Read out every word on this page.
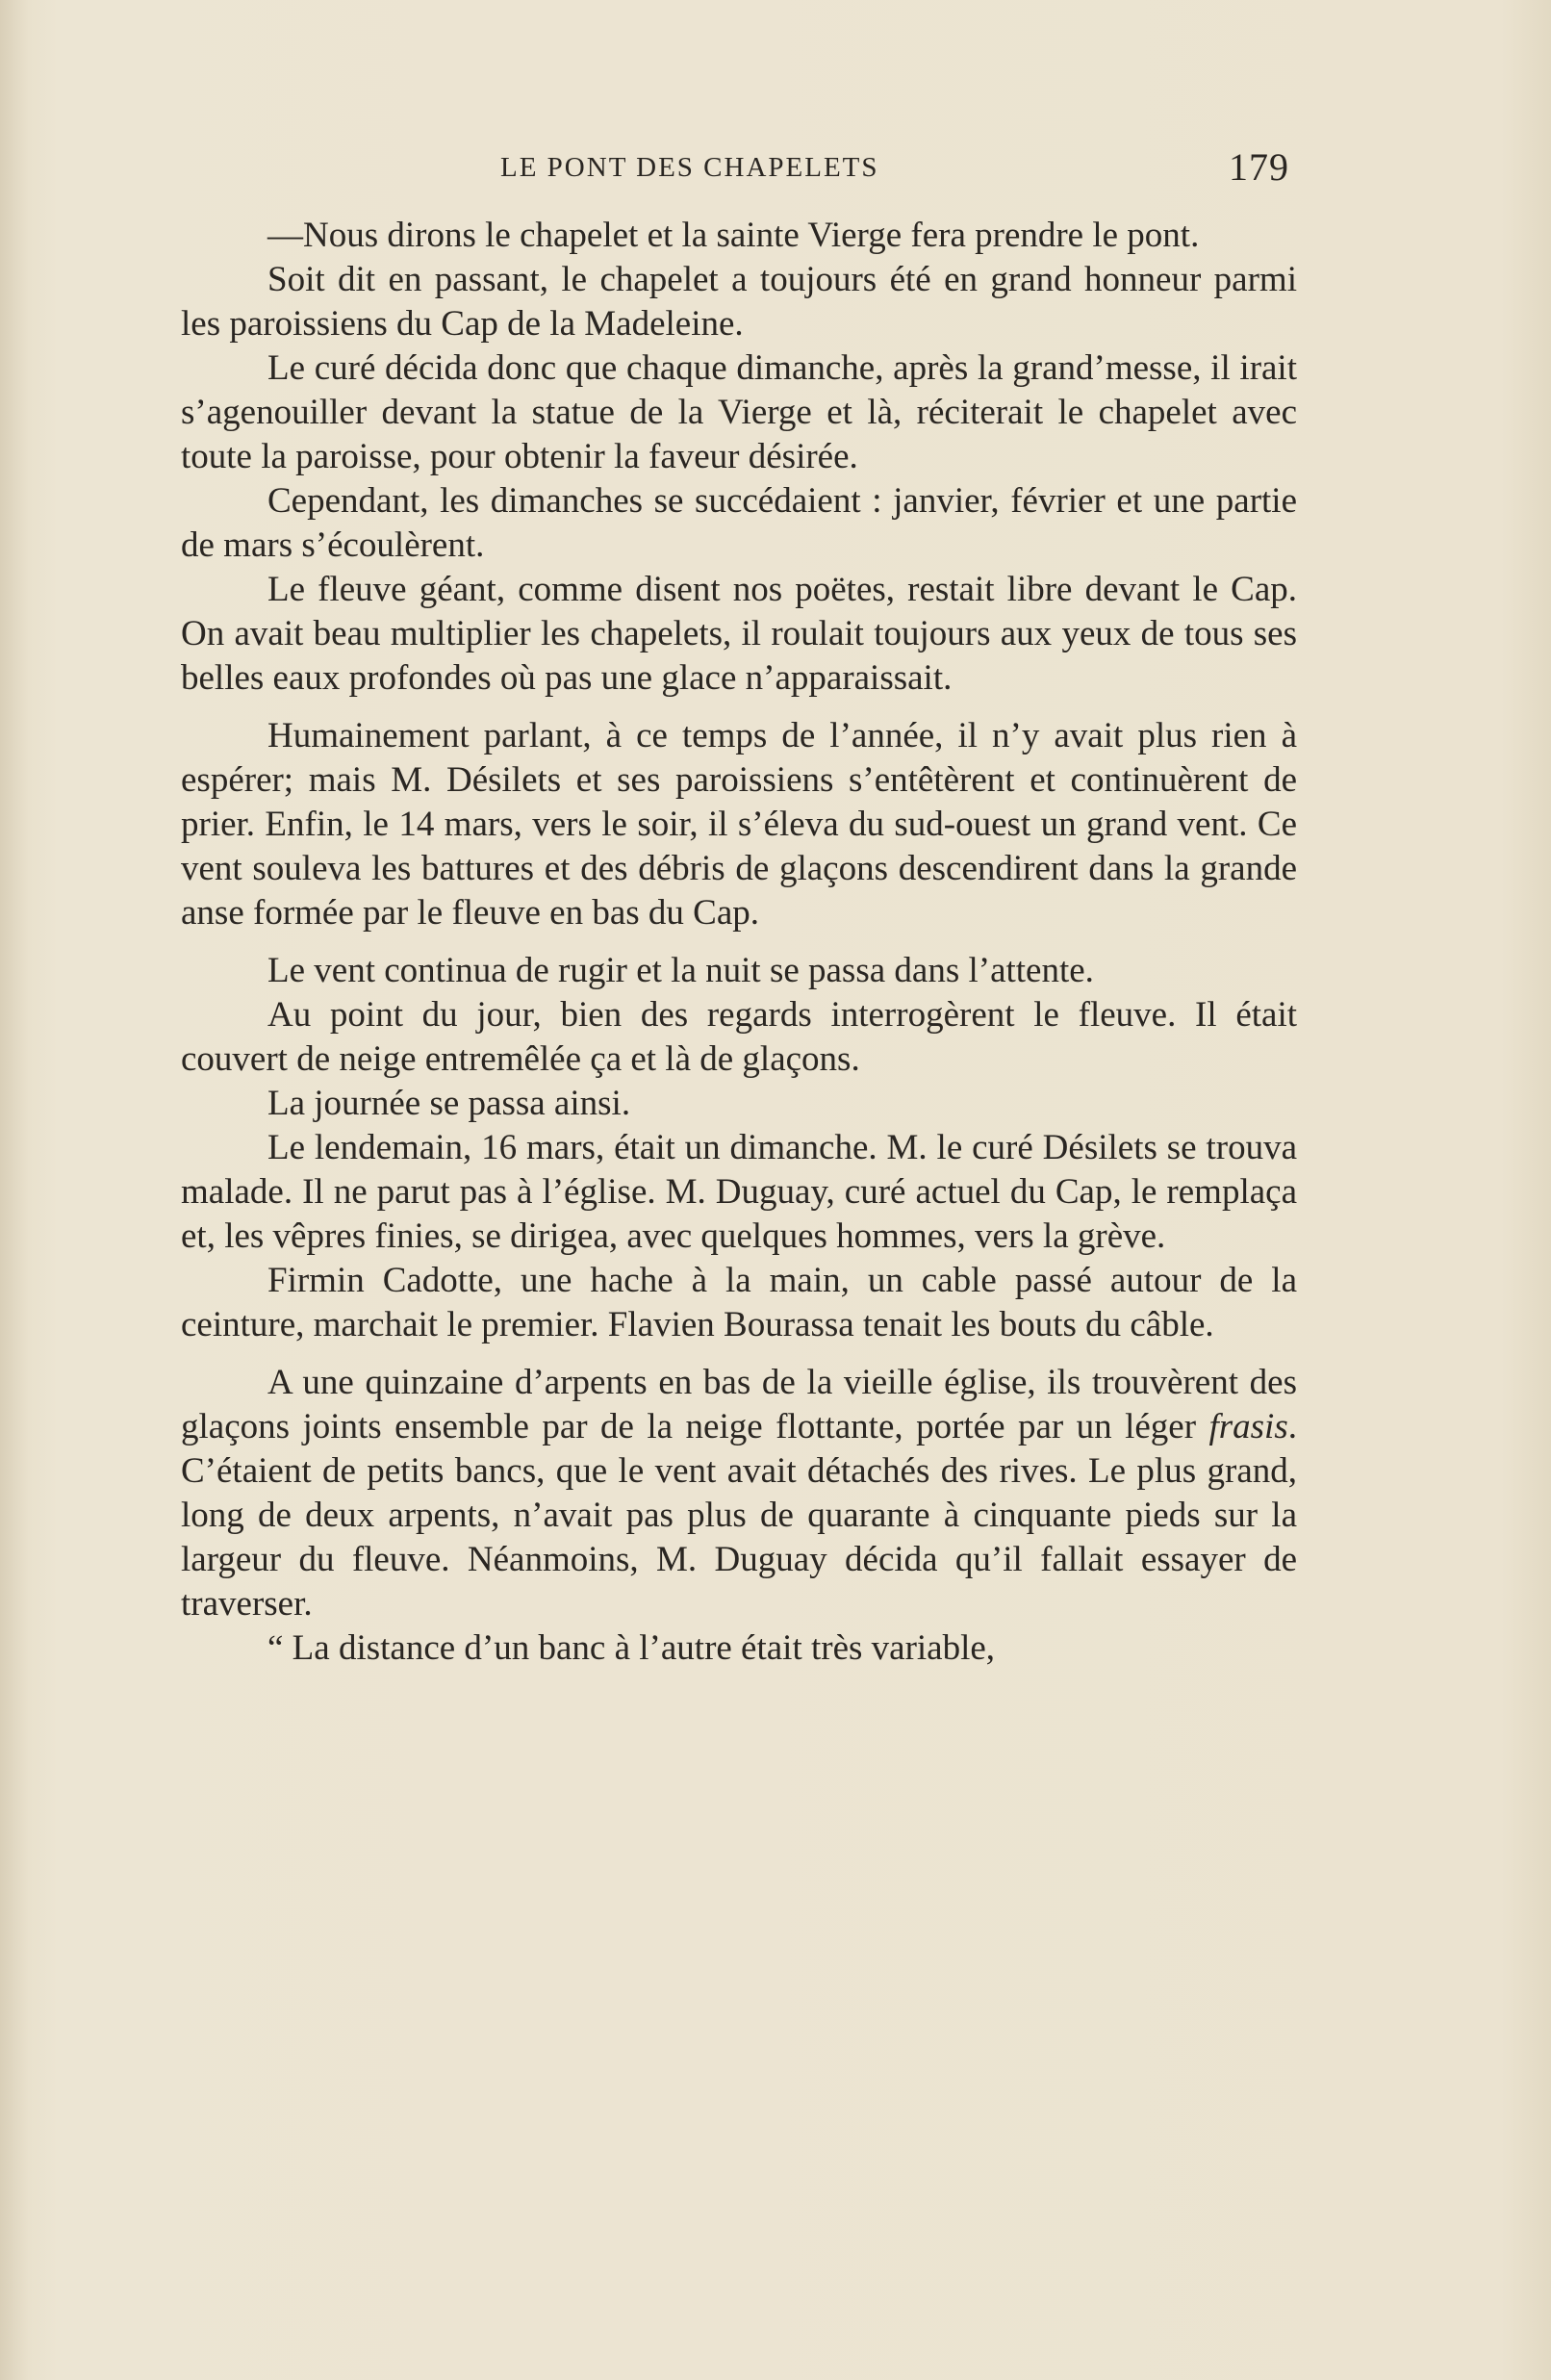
LE PONT DES CHAPELETS	179

—Nous dirons le chapelet et la sainte Vierge fera prendre le pont.

Soit dit en passant, le chapelet a toujours été en grand honneur parmi les paroissiens du Cap de la Madeleine.

Le curé décida donc que chaque dimanche, après la grand’messe, il irait s’agenouiller devant la statue de la Vierge et là, réciterait le chapelet avec toute la paroisse, pour obtenir la faveur désirée.

Cependant, les dimanches se succédaient : janvier, février et une partie de mars s’écoulèrent.

Le fleuve géant, comme disent nos poëtes, restait libre devant le Cap. On avait beau multiplier les chapelets, il roulait toujours aux yeux de tous ses belles eaux profondes où pas une glace n’apparaissait.

Humainement parlant, à ce temps de l’année, il n’y avait plus rien à espérer; mais M. Désilets et ses paroissiens s’entêtèrent et continuèrent de prier. Enfin, le 14 mars, vers le soir, il s’éleva du sud-ouest un grand vent. Ce vent souleva les battures et des débris de glaçons descendirent dans la grande anse formée par le fleuve en bas du Cap.

Le vent continua de rugir et la nuit se passa dans l’attente.

Au point du jour, bien des regards interrogèrent le fleuve. Il était couvert de neige entremêlée ça et là de glaçons.

La journée se passa ainsi.

Le lendemain, 16 mars, était un dimanche. M. le curé Désilets se trouva malade. Il ne parut pas à l’église. M. Duguay, curé actuel du Cap, le remplaça et, les vêpres finies, se dirigea, avec quelques hommes, vers la grève.

Firmin Cadotte, une hache à la main, un cable passé autour de la ceinture, marchait le premier. Flavien Bourassa tenait les bouts du câble.

A une quinzaine d’arpents en bas de la vieille église, ils trouvèrent des glaçons joints ensemble par de la neige flottante, portée par un léger frasis. C’étaient de petits bancs, que le vent avait détachés des rives. Le plus grand, long de deux arpents, n’avait pas plus de quarante à cinquante pieds sur la largeur du fleuve. Néanmoins, M. Duguay décida qu’il fallait essayer de traverser.

“ La distance d’un banc à l’autre était très variable,
